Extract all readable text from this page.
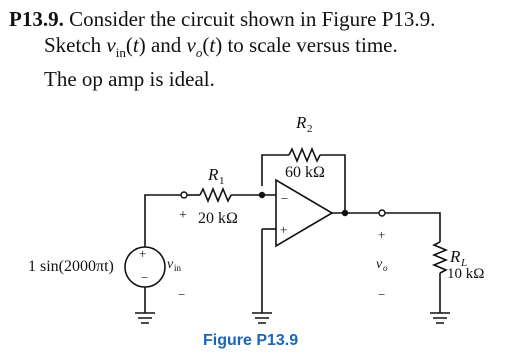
P13.9. Consider the circuit shown in Figure P13.9.
Sketch $v_{in}(t)$ and $v_o(t)$ to scale versus time.
The op amp is ideal.
R 2
60 kΩ
R 1
20 kΩ
+
−
+
+
−
1 sin(2000πt)	v in
−
+
v o
−
R L
10 kΩ
Figure P13.9
